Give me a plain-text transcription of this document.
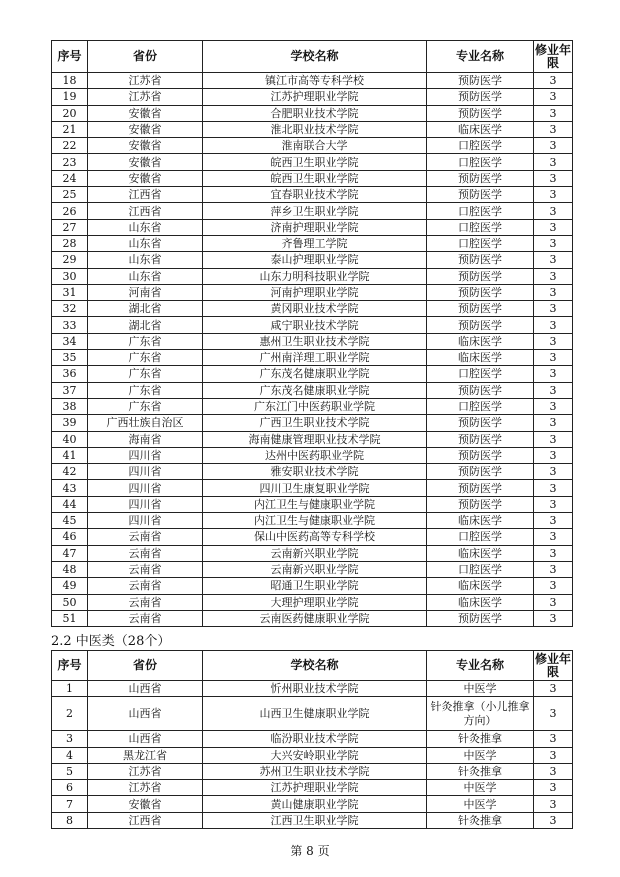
序号	省份	学校名称	专业名称	修业年限
18	江苏省	镇江市高等专科学校	预防医学	3
19	江苏省	江苏护理职业学院	预防医学	3
20	安徽省	合肥职业技术学院	预防医学	3
21	安徽省	淮北职业技术学院	临床医学	3
22	安徽省	淮南联合大学	口腔医学	3
23	安徽省	皖西卫生职业学院	口腔医学	3
24	安徽省	皖西卫生职业学院	预防医学	3
25	江西省	宜春职业技术学院	预防医学	3
26	江西省	萍乡卫生职业学院	口腔医学	3
27	山东省	济南护理职业学院	口腔医学	3
28	山东省	齐鲁理工学院	口腔医学	3
29	山东省	泰山护理职业学院	预防医学	3
30	山东省	山东力明科技职业学院	预防医学	3
31	河南省	河南护理职业学院	预防医学	3
32	湖北省	黄冈职业技术学院	预防医学	3
33	湖北省	咸宁职业技术学院	预防医学	3
34	广东省	惠州卫生职业技术学院	临床医学	3
35	广东省	广州南洋理工职业学院	临床医学	3
36	广东省	广东茂名健康职业学院	口腔医学	3
37	广东省	广东茂名健康职业学院	预防医学	3
38	广东省	广东江门中医药职业学院	口腔医学	3
39	广西壮族自治区	广西卫生职业技术学院	预防医学	3
40	海南省	海南健康管理职业技术学院	预防医学	3
41	四川省	达州中医药职业学院	预防医学	3
42	四川省	雅安职业技术学院	预防医学	3
43	四川省	四川卫生康复职业学院	预防医学	3
44	四川省	内江卫生与健康职业学院	预防医学	3
45	四川省	内江卫生与健康职业学院	临床医学	3
46	云南省	保山中医药高等专科学校	口腔医学	3
47	云南省	云南新兴职业学院	临床医学	3
48	云南省	云南新兴职业学院	口腔医学	3
49	云南省	昭通卫生职业学院	临床医学	3
50	云南省	大理护理职业学院	临床医学	3
51	云南省	云南医药健康职业学院	预防医学	3
2.2 中医类（28个）
序号	省份	学校名称	专业名称	修业年限
1	山西省	忻州职业技术学院	中医学	3
2	山西省	山西卫生健康职业学院	针灸推拿（小儿推拿方向）	3
3	山西省	临汾职业技术学院	针灸推拿	3
4	黑龙江省	大兴安岭职业学院	中医学	3
5	江苏省	苏州卫生职业技术学院	针灸推拿	3
6	江苏省	江苏护理职业学院	中医学	3
7	安徽省	黄山健康职业学院	中医学	3
8	江西省	江西卫生职业学院	针灸推拿	3
第 8 页
